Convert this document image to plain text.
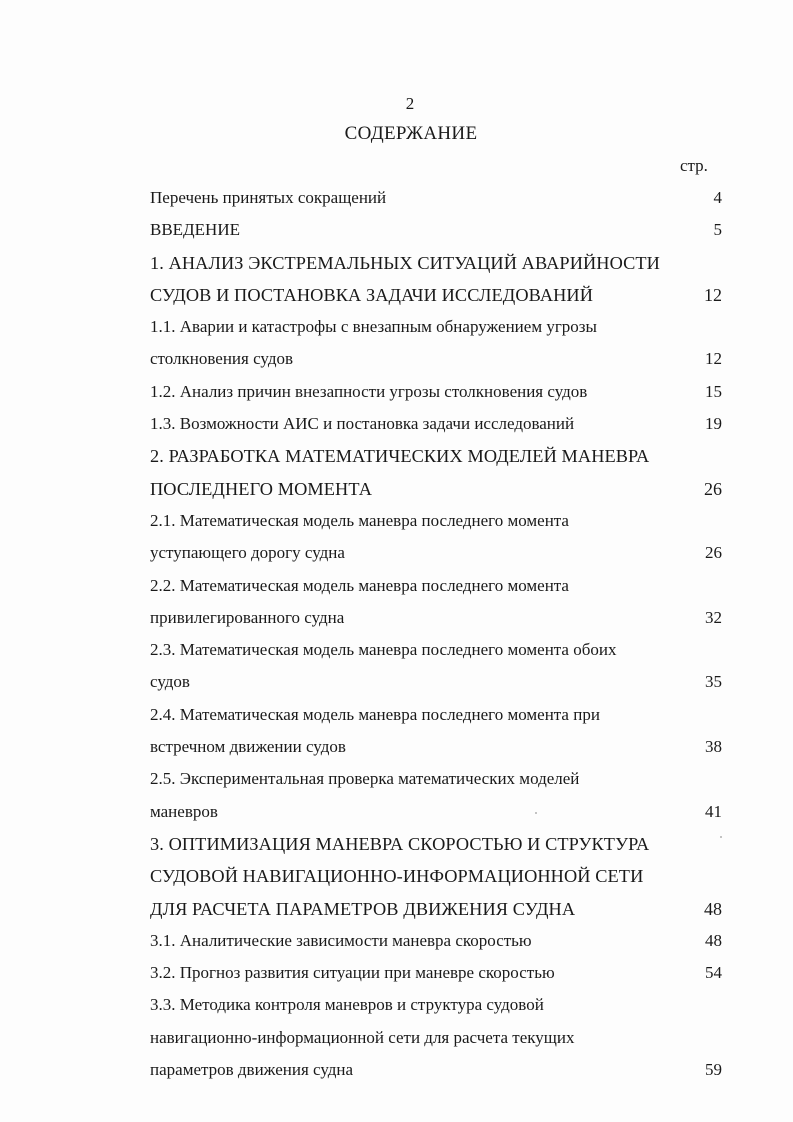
2
СОДЕРЖАНИЕ
стр.
Перечень принятых сокращений	4
ВВЕДЕНИЕ	5
1. АНАЛИЗ ЭКСТРЕМАЛЬНЫХ СИТУАЦИЙ АВАРИЙНОСТИ
СУДОВ И ПОСТАНОВКА ЗАДАЧИ ИССЛЕДОВАНИЙ	12
1.1. Аварии и катастрофы с внезапным обнаружением угрозы
столкновения судов	12
1.2. Анализ причин внезапности угрозы столкновения судов	15
1.3. Возможности АИС и постановка задачи исследований	19
2. РАЗРАБОТКА МАТЕМАТИЧЕСКИХ МОДЕЛЕЙ МАНЕВРА
ПОСЛЕДНЕГО МОМЕНТА	26
2.1. Математическая модель маневра последнего момента
уступающего дорогу судна	26
2.2. Математическая модель маневра последнего момента
привилегированного судна	32
2.3. Математическая модель маневра последнего момента обоих
судов	35
2.4. Математическая модель маневра последнего момента при
встречном движении судов	38
2.5. Экспериментальная проверка математических моделей
маневров	41
3. ОПТИМИЗАЦИЯ МАНЕВРА СКОРОСТЬЮ И СТРУКТУРА
СУДОВОЙ НАВИГАЦИОННО-ИНФОРМАЦИОННОЙ СЕТИ
ДЛЯ РАСЧЕТА ПАРАМЕТРОВ ДВИЖЕНИЯ СУДНА	48
3.1. Аналитические зависимости маневра скоростью	48
3.2. Прогноз развития ситуации при маневре скоростью	54
3.3. Методика контроля маневров и структура судовой
навигационно-информационной сети для расчета текущих
параметров движения судна	59
